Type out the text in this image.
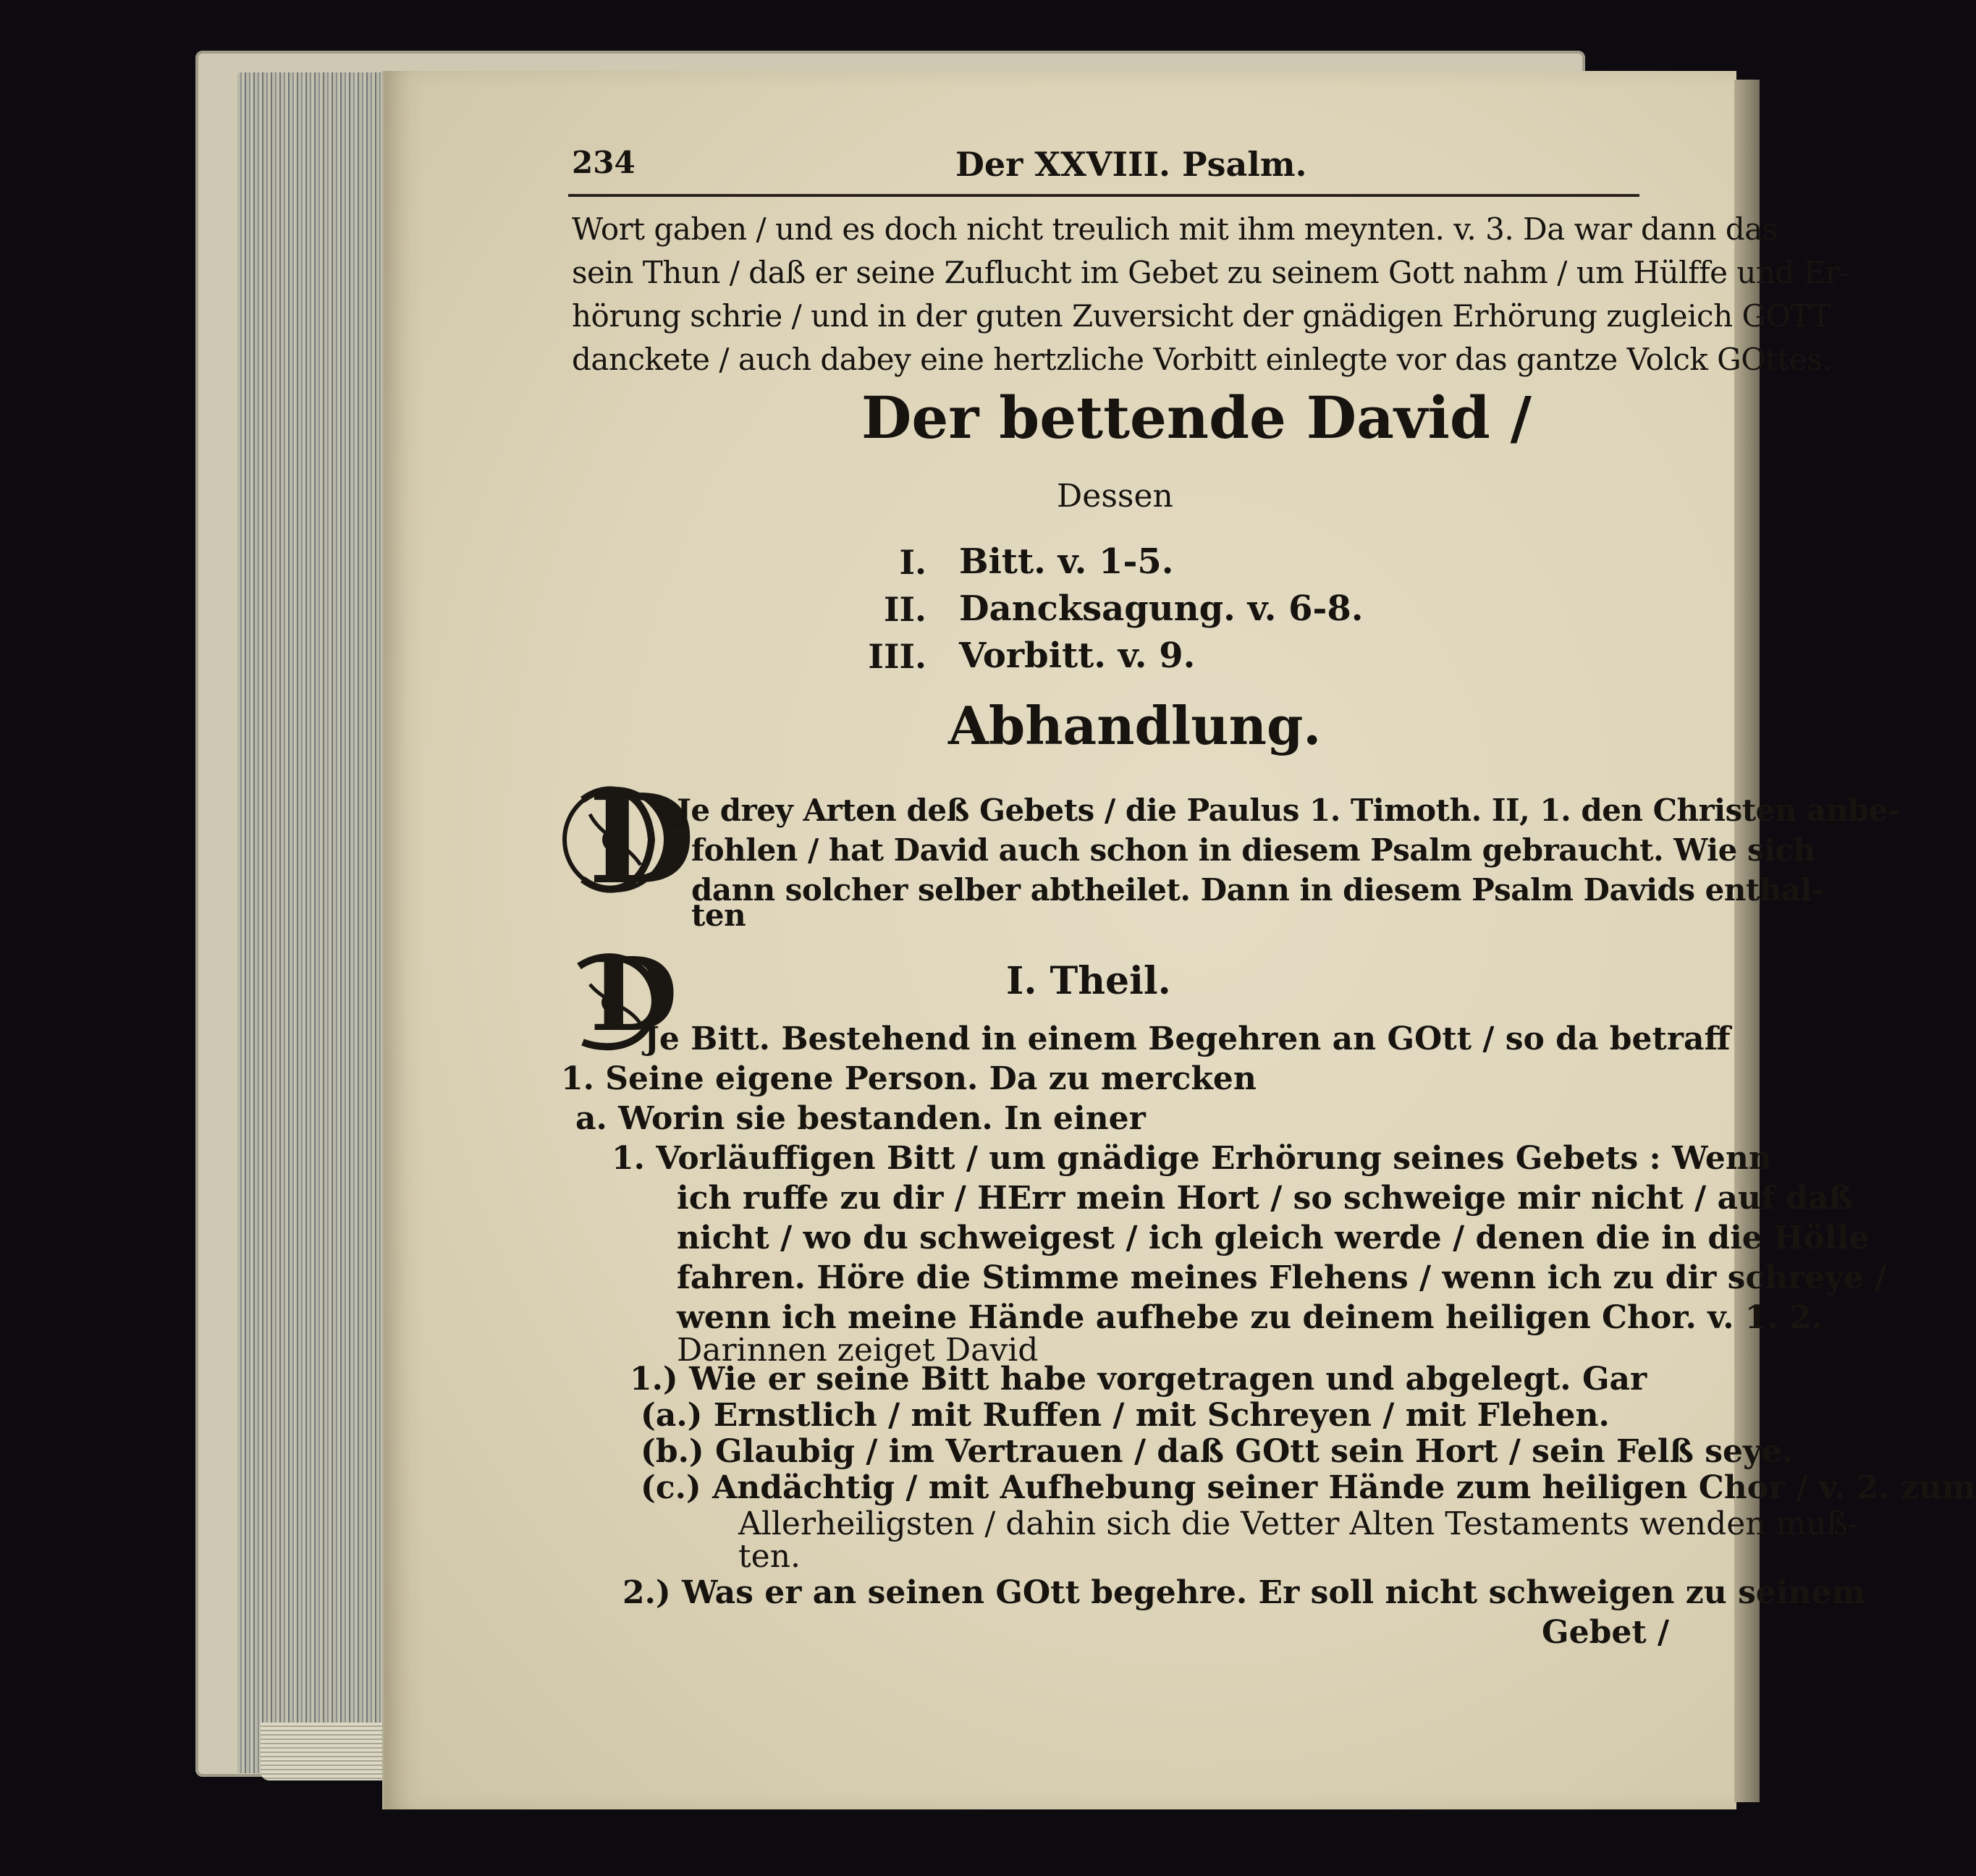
234	Der XXVIII. Psalm.
Wort gaben / und es doch nicht treulich mit ihm meynten. v. 3. Da war dann das
sein Thun / daß er seine Zuflucht im Gebet zu seinem Gott nahm / um Hülffe und Er-
hörung schrie / und in der guten Zuversicht der gnädigen Erhörung zugleich GOTT
danckete / auch dabey eine hertzliche Vorbitt einlegte vor das gantze Volck GOttes.
Der bettende David /
Dessen
I. Bitt. v. 1-5.
II. Dancksagung. v. 6-8.
III. Vorbitt. v. 9.
Abhandlung.
D
Je drey Arten deß Gebets / die Paulus 1. Timoth. II, 1. den Christen anbe-
fohlen / hat David auch schon in diesem Psalm gebraucht. Wie sich
dann solcher selber abtheilet. Dann in diesem Psalm Davids enthal-
ten
I. Theil.
D
Je Bitt. Bestehend in einem Begehren an GOtt / so da betraff
1. Seine eigene Person. Da zu mercken
a. Worin sie bestanden. In einer
1. Vorläuffigen Bitt / um gnädige Erhörung seines Gebets : Wenn
ich ruffe zu dir / HErr mein Hort / so schweige mir nicht / auf daß
nicht / wo du schweigest / ich gleich werde / denen die in die Hölle
fahren. Höre die Stimme meines Flehens / wenn ich zu dir schreye /
wenn ich meine Hände aufhebe zu deinem heiligen Chor. v. 1. 2.
Darinnen zeiget David
1.) Wie er seine Bitt habe vorgetragen und abgelegt. Gar
(a.) Ernstlich / mit Ruffen / mit Schreyen / mit Flehen.
(b.) Glaubig / im Vertrauen / daß GOtt sein Hort / sein Felß seye.
(c.) Andächtig / mit Aufhebung seiner Hände zum heiligen Chor / v. 2. zum
Allerheiligsten / dahin sich die Vetter Alten Testaments wenden muß-
ten.
2.) Was er an seinen GOtt begehre. Er soll nicht schweigen zu seinem
Gebet /
